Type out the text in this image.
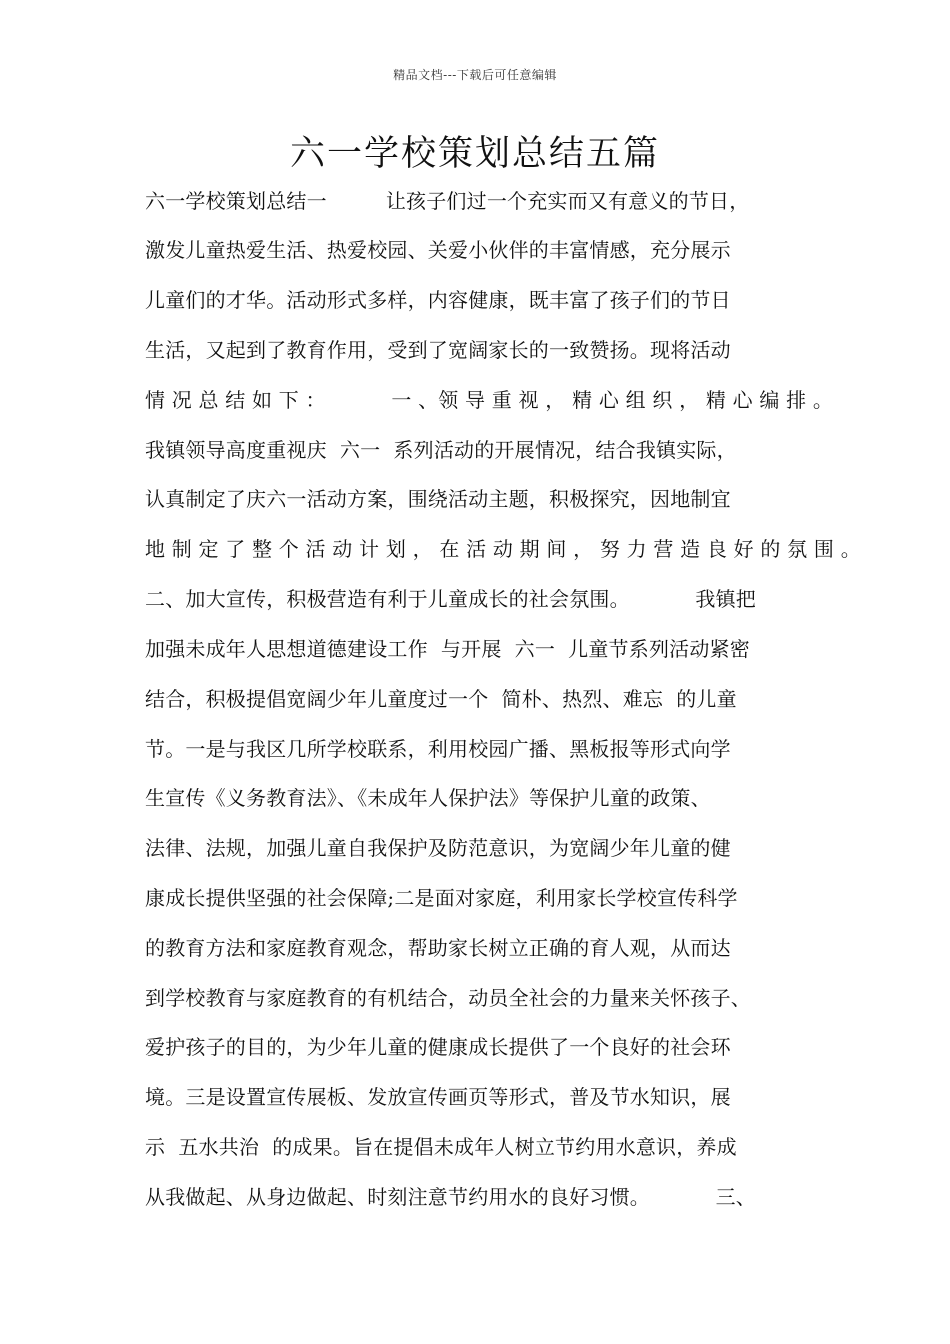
精品文档---下载后可任意编辑
六一学校策划总结五篇
六一学校策划总结一         让孩子们过一个充实而又有意义的节日，
激发儿童热爱生活、热爱校园、关爱小伙伴的丰富情感，充分展示
儿童们的才华。活动形式多样，内容健康，既丰富了孩子们的节日
生活，又起到了教育作用，受到了宽阔家长的一致赞扬。现将活动
情 况 总 结 如 下 ：          一 、领 导 重 视 ， 精 心 组 织 ， 精 心 编 排 。
我镇领导高度重视庆  六一  系列活动的开展情况，结合我镇实际，
认真制定了庆六一活动方案，围绕活动主题，积极探究，因地制宜
地 制 定 了 整 个 活 动 计 划 ， 在 活 动 期 间 ， 努 力 营 造 良 好 的 氛 围 。
二、加大宣传，积极营造有利于儿童成长的社会氛围。          我镇把
加强未成年人思想道德建设工作  与开展  六一  儿童节系列活动紧密
结合，积极提倡宽阔少年儿童度过一个  简朴、热烈、难忘  的儿童
节。一是与我区几所学校联系，利用校园广播、黑板报等形式向学
生宣传《义务教育法》、《未成年人保护法》等保护儿童的政策、
法律、法规，加强儿童自我保护及防范意识，为宽阔少年儿童的健
康成长提供坚强的社会保障;二是面对家庭，利用家长学校宣传科学
的教育方法和家庭教育观念，帮助家长树立正确的育人观，从而达
到学校教育与家庭教育的有机结合，动员全社会的力量来关怀孩子、
爱护孩子的目的，为少年儿童的健康成长提供了一个良好的社会环
境。三是设置宣传展板、发放宣传画页等形式，普及节水知识，展
示  五水共治  的成果。旨在提倡未成年人树立节约用水意识，养成
从我做起、从身边做起、时刻注意节约用水的良好习惯。          三、
